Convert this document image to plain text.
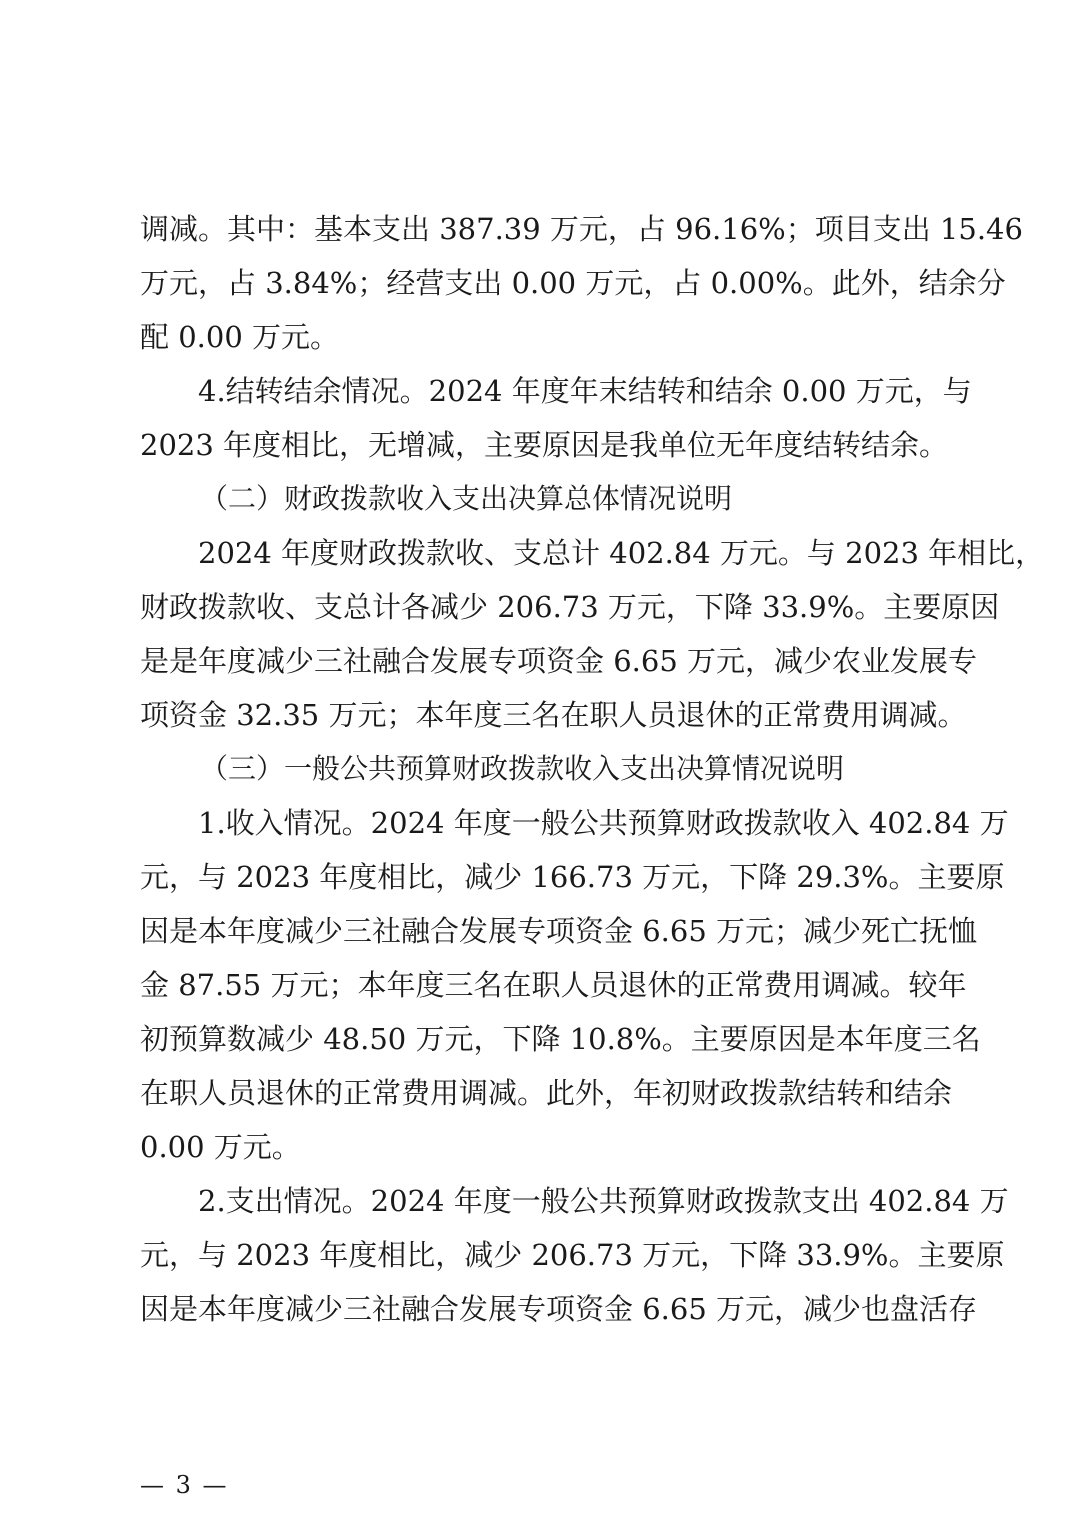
调减。其中：基本支出 387.39 万元，占 96.16%；项目支出 15.46
万元，占 3.84%；经营支出 0.00 万元，占 0.00%。此外，结余分
配 0.00 万元。
4.结转结余情况。2024 年度年末结转和结余 0.00 万元，与
2023 年度相比，无增减，主要原因是我单位无年度结转结余。
（二）财政拨款收入支出决算总体情况说明
2024 年度财政拨款收、支总计 402.84 万元。与 2023 年相比，
财政拨款收、支总计各减少 206.73 万元，下降 33.9%。主要原因
是是年度减少三社融合发展专项资金 6.65 万元，减少农业发展专
项资金 32.35 万元；本年度三名在职人员退休的正常费用调减。
（三）一般公共预算财政拨款收入支出决算情况说明
1.收入情况。2024 年度一般公共预算财政拨款收入 402.84 万
元，与 2023 年度相比，减少 166.73 万元，下降 29.3%。主要原
因是本年度减少三社融合发展专项资金 6.65 万元；减少死亡抚恤
金 87.55 万元；本年度三名在职人员退休的正常费用调减。较年
初预算数减少 48.50 万元，下降 10.8%。主要原因是本年度三名
在职人员退休的正常费用调减。此外，年初财政拨款结转和结余
0.00 万元。
2.支出情况。2024 年度一般公共预算财政拨款支出 402.84 万
元，与 2023 年度相比，减少 206.73 万元，下降 33.9%。主要原
因是本年度减少三社融合发展专项资金 6.65 万元，减少也盘活存
— 3 —
